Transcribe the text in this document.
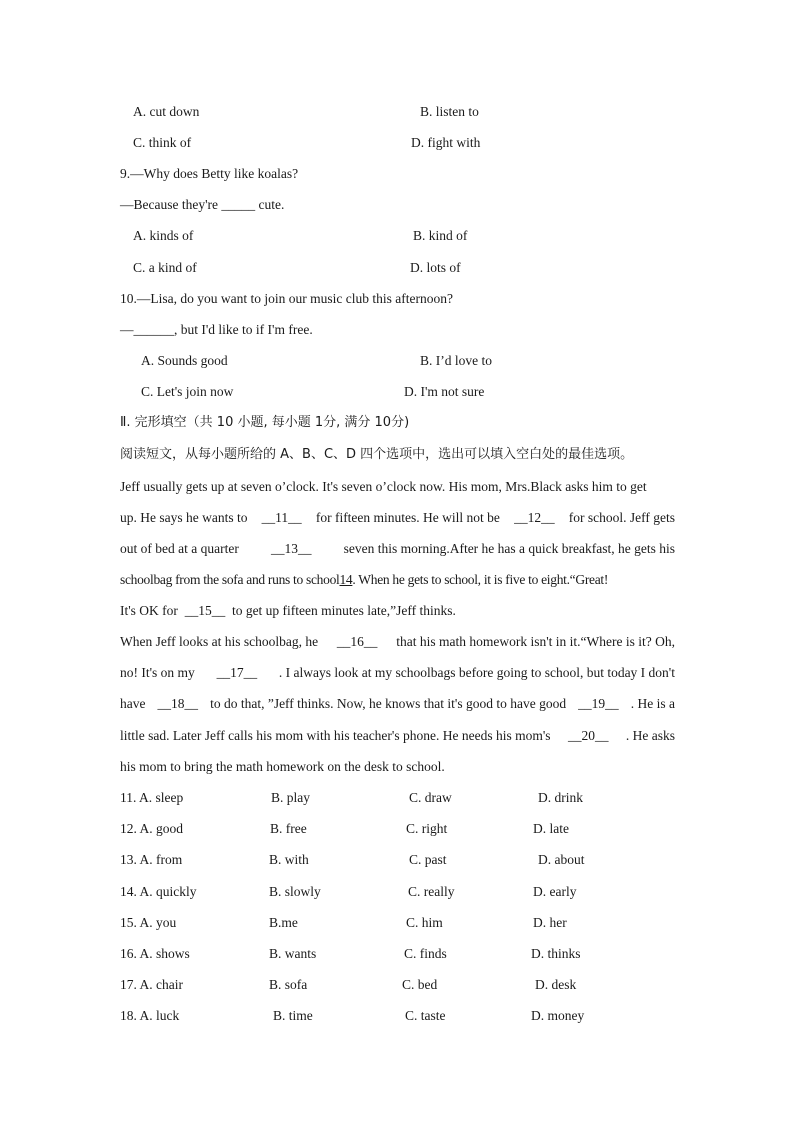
A. cut down	B. listen to
C. think of	D. fight with
9.—Why does Betty like koalas?
—Because they're _____ cute.
A. kinds of	B. kind of
C. a kind of	D. lots of
10.—Lisa, do you want to join our music club this afternoon?
—______, but I'd like to if I'm free.
A. Sounds good	B. I’d love to
C. Let's join now	D. I'm not sure
Ⅱ. 完形填空（共 10 小题, 每小题 1分, 满分 10分)
阅读短文，从每小题所给的 A、B、C、D 四个选项中，选出可以填入空白处的最佳选项。
Jeff usually gets up at seven o’clock. It's seven o’clock now. His mom, Mrs.Black asks him to get
up. He says he wants to __11__ for fifteen minutes. He will not be __12__ for school. Jeff gets
out of bed at a quarter __13__ seven this morning.After he has a quick breakfast, he gets his
schoolbag from the sofa and runs to school14. When he gets to school, it is five to eight.“Great!
It's OK for __15__ to get up fifteen minutes late,”Jeff thinks.
When Jeff looks at his schoolbag, he __16__ that his math homework isn't in it.“Where is it? Oh,
no! It's on my __17__ . I always look at my schoolbags before going to school, but today I don't
have __18__ to do that, ”Jeff thinks. Now, he knows that it's good to have good __19__ . He is a
little sad. Later Jeff calls his mom with his teacher's phone. He needs his mom's __20__ . He asks
his mom to bring the math homework on the desk to school.
11. A. sleep	B. play	C. draw	D. drink
12. A. good	B. free	C. right	D. late
13. A. from	B. with	C. past	D. about
14. A. quickly	B. slowly	C. really	D. early
15. A. you	B.me	C. him	D. her
16. A. shows	B. wants	C. finds	D. thinks
17. A. chair	B. sofa	C. bed	D. desk
18. A. luck	B. time	C. taste	D. money
